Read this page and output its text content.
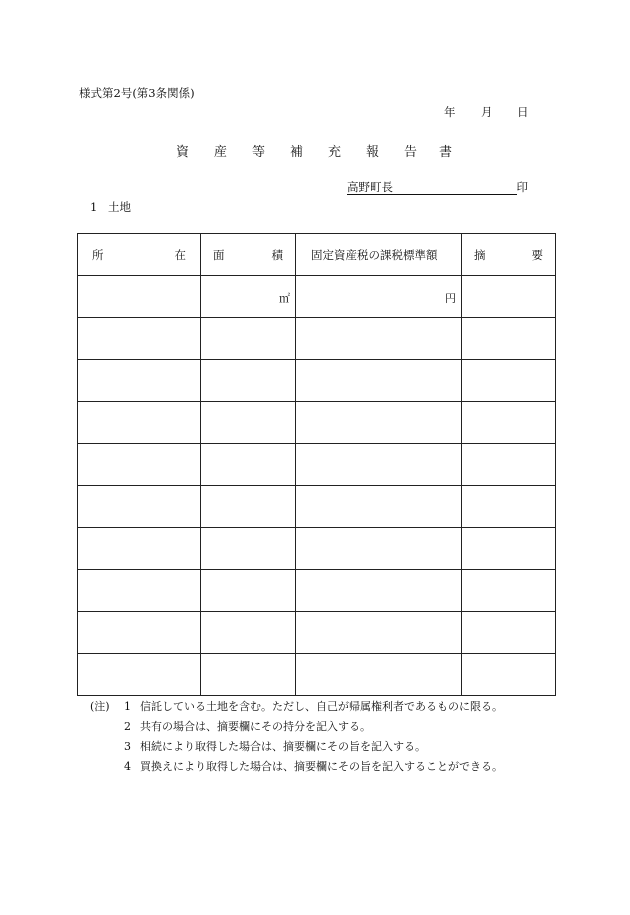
様式第2号(第3条関係)
年 月 日
資 産 等 補 充 報 告 書
高野町長	印
1 土地
所 在	面 積	固定資産税の課税標準額	摘 要

	㎡	円	

(注) 1 信託している土地を含む。ただし、自己が帰属権利者であるものに限る。
2 共有の場合は、摘要欄にその持分を記入する。
3 相続により取得した場合は、摘要欄にその旨を記入する。
4 買換えにより取得した場合は、摘要欄にその旨を記入することができる。
